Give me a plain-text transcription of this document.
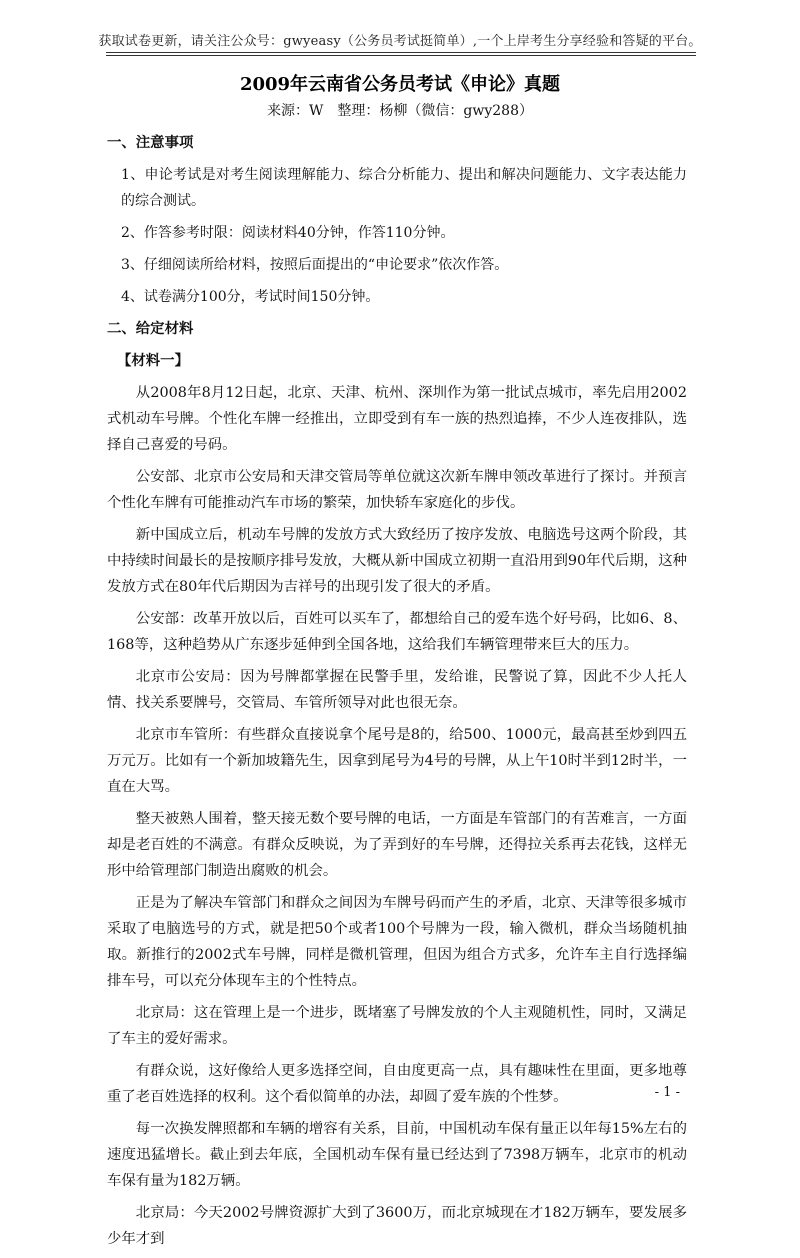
获取试卷更新，请关注公众号：gwyeasy（公务员考试挺简单）,一个上岸考生分享经验和答疑的平台。
2009年云南省公务员考试《申论》真题
来源：W　整理：杨柳（微信：gwy288）

一、注意事项

1、申论考试是对考生阅读理解能力、综合分析能力、提出和解决问题能力、文字表达能力的综合测试。

2、作答参考时限：阅读材料40分钟，作答110分钟。

3、仔细阅读所给材料，按照后面提出的“申论要求”依次作答。

4、试卷满分100分，考试时间150分钟。

二、给定材料

【材料一】

从2008年8月12日起，北京、天津、杭州、深圳作为第一批试点城市，率先启用2002式机动车号牌。个性化车牌一经推出，立即受到有车一族的热烈追捧，不少人连夜排队，选择自己喜爱的号码。

公安部、北京市公安局和天津交管局等单位就这次新车牌申领改革进行了探讨。并预言个性化车牌有可能推动汽车市场的繁荣，加快轿车家庭化的步伐。

新中国成立后，机动车号牌的发放方式大致经历了按序发放、电脑选号这两个阶段，其中持续时间最长的是按顺序排号发放，大概从新中国成立初期一直沿用到90年代后期，这种发放方式在80年代后期因为吉祥号的出现引发了很大的矛盾。

公安部：改革开放以后，百姓可以买车了，都想给自己的爱车选个好号码，比如6、8、168等，这种趋势从广东逐步延伸到全国各地，这给我们车辆管理带来巨大的压力。

北京市公安局：因为号牌都掌握在民警手里，发给谁，民警说了算，因此不少人托人情、找关系要牌号，交管局、车管所领导对此也很无奈。

北京市车管所：有些群众直接说拿个尾号是8的，给500、1000元，最高甚至炒到四五万元万。比如有一个新加坡籍先生，因拿到尾号为4号的号牌，从上午10时半到12时半，一直在大骂。

整天被熟人围着，整天接无数个要号牌的电话，一方面是车管部门的有苦难言，一方面却是老百姓的不满意。有群众反映说，为了弄到好的车号牌，还得拉关系再去花钱，这样无形中给管理部门制造出腐败的机会。

正是为了解决车管部门和群众之间因为车牌号码而产生的矛盾，北京、天津等很多城市采取了电脑选号的方式，就是把50个或者100个号牌为一段，输入微机，群众当场随机抽取。新推行的2002式车号牌，同样是微机管理，但因为组合方式多，允许车主自行选择编排车号，可以充分体现车主的个性特点。

北京局：这在管理上是一个进步，既堵塞了号牌发放的个人主观随机性，同时，又满足了车主的爱好需求。

有群众说，这好像给人更多选择空间，自由度更高一点，具有趣味性在里面，更多地尊重了老百姓选择的权利。这个看似简单的办法，却圆了爱车族的个性梦。

每一次换发牌照都和车辆的增容有关系，目前，中国机动车保有量正以年每15%左右的速度迅猛增长。截止到去年底，全国机动车保有量已经达到了7398万辆车，北京市的机动车保有量为182万辆。

北京局：今天2002号牌资源扩大到了3600万，而北京城现在才182万辆车，要发展多少年才到

- 1 -
